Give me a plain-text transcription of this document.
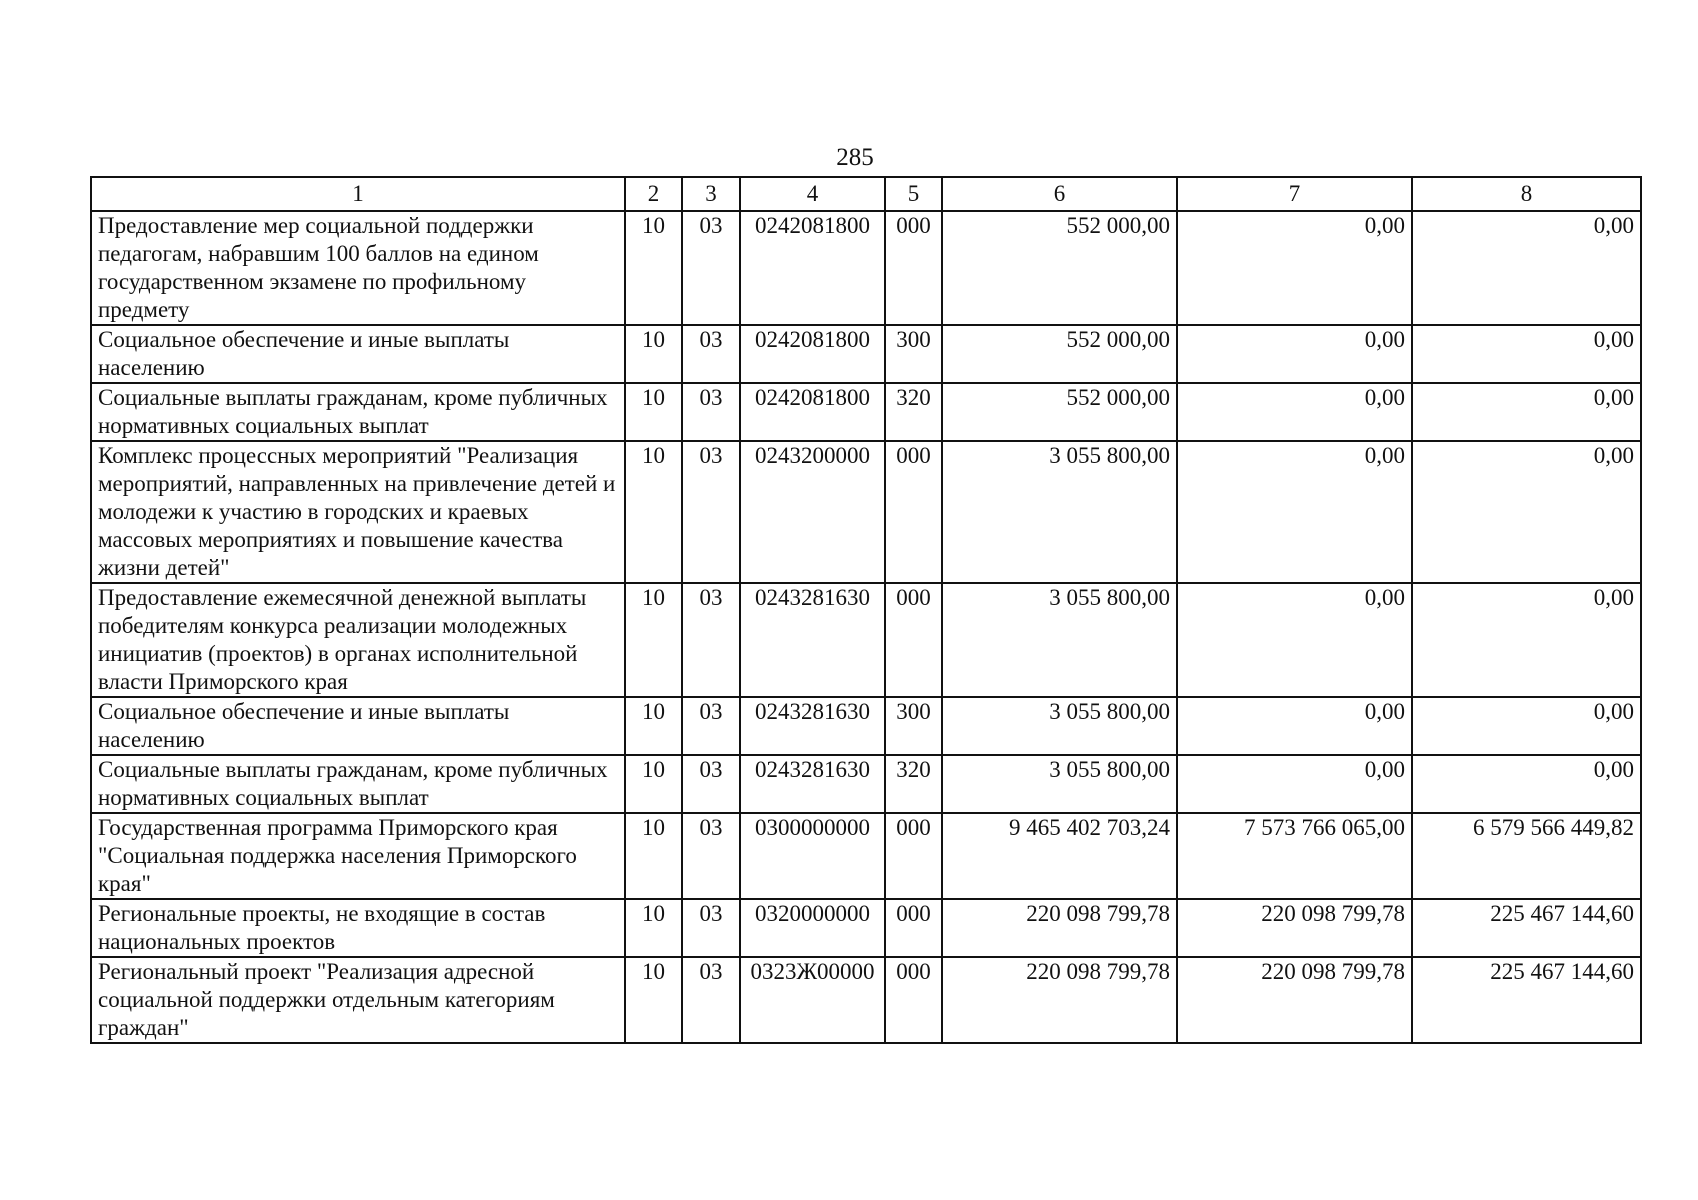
285
1	2	3	4	5	6	7	8
Предоставление мер социальной поддержки педагогам, набравшим 100 баллов на едином государственном экзамене по профильному предмету	10	03	0242081800	000	552 000,00	0,00	0,00
Социальное обеспечение и иные выплаты населению	10	03	0242081800	300	552 000,00	0,00	0,00
Социальные выплаты гражданам, кроме публичных нормативных социальных выплат	10	03	0242081800	320	552 000,00	0,00	0,00
Комплекс процессных мероприятий "Реализация мероприятий, направленных на привлечение детей и молодежи к участию в городских и краевых массовых мероприятиях и повышение качества жизни детей"	10	03	0243200000	000	3 055 800,00	0,00	0,00
Предоставление ежемесячной денежной выплаты победителям конкурса реализации молодежных инициатив (проектов) в органах исполнительной власти Приморского края	10	03	0243281630	000	3 055 800,00	0,00	0,00
Социальное обеспечение и иные выплаты населению	10	03	0243281630	300	3 055 800,00	0,00	0,00
Социальные выплаты гражданам, кроме публичных нормативных социальных выплат	10	03	0243281630	320	3 055 800,00	0,00	0,00
Государственная программа Приморского края "Социальная поддержка населения Приморского края"	10	03	0300000000	000	9 465 402 703,24	7 573 766 065,00	6 579 566 449,82
Региональные проекты, не входящие в состав национальных проектов	10	03	0320000000	000	220 098 799,78	220 098 799,78	225 467 144,60
Региональный проект "Реализация адресной социальной поддержки отдельным категориям граждан"	10	03	0323Ж00000	000	220 098 799,78	220 098 799,78	225 467 144,60
